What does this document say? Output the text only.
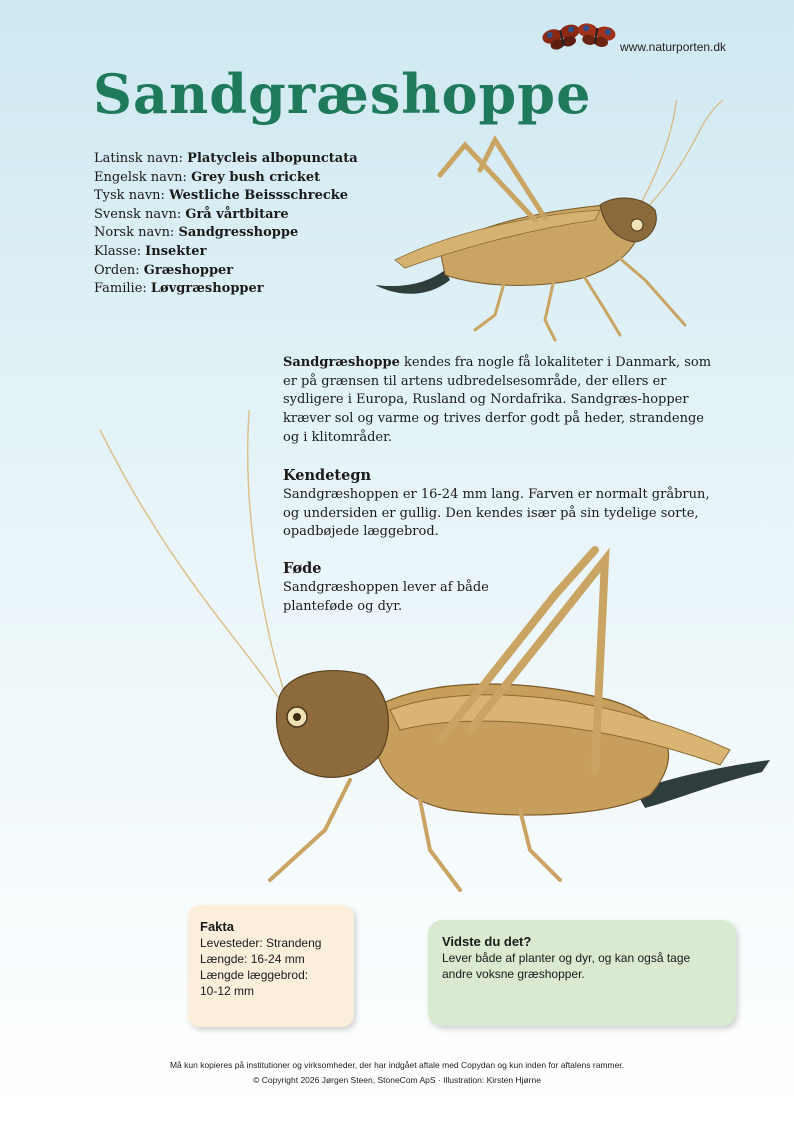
www.naturporten.dk
Sandgræshoppe
Latinsk navn: Platycleis albopunctata
Engelsk navn: Grey bush cricket
Tysk navn: Westliche Beissschrecke
Svensk navn: Grå vårtbitare
Norsk navn: Sandgresshoppe
Klasse: Insekter
Orden: Græshopper
Familie: Løvgræshopper
Sandgræshoppe kendes fra nogle få lokaliteter i Danmark, som er på grænsen til artens udbredelsesområde, der ellers er sydligere i Europa, Rusland og Nordafrika. Sandgræs-hopper kræver sol og varme og trives derfor godt på heder, strandenge og i klitområder.
Kendetegn
Sandgræshoppen er 16-24 mm lang. Farven er normalt gråbrun, og undersiden er gullig. Den kendes især på sin tydelige sorte, opadbøjede læggebrod.
Føde
Sandgræshoppen lever af både planteføde og dyr.
Fakta
Levesteder: Strandeng
Længde: 16-24 mm
Længde læggebrod:
10-12 mm
Vidste du det?
Lever både af planter og dyr, og kan også tage andre voksne græshopper.
Må kun kopieres på institutioner og virksomheder, der har indgået aftale med Copydan og kun inden for aftalens rammer.
© Copyright 2026 Jørgen Steen, StoneCom ApS · Illustration: Kirsten Hjørne
